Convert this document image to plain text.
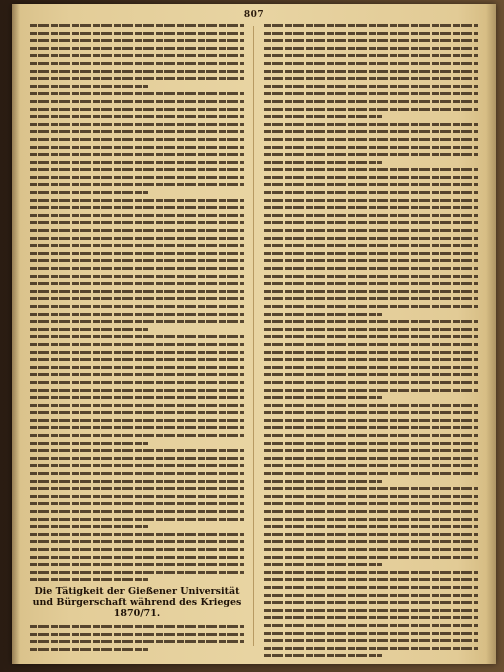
807
Die Tätigkeit der Gießener Universität und Bürgerschaft während des Krieges 1870/71.
